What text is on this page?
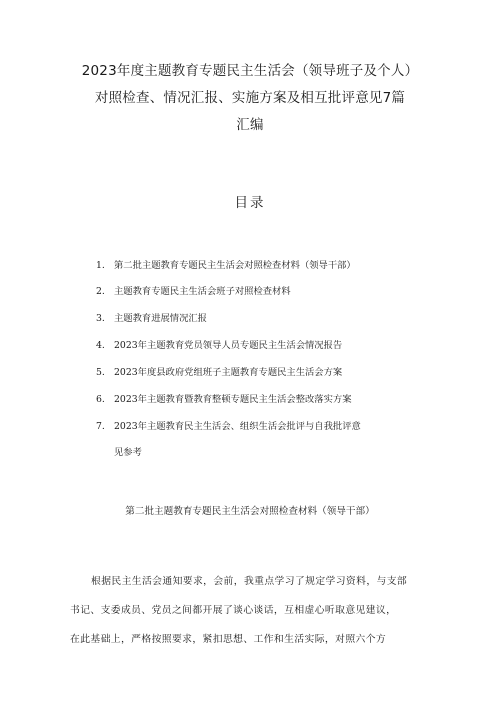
2023年度主题教育专题民主生活会（领导班子及个人）
对照检查、情况汇报、实施方案及相互批评意见7篇
汇编
目录
1. 第二批主题教育专题民主生活会对照检查材料（领导干部）
2. 主题教育专题民主生活会班子对照检查材料
3. 主题教育进展情况汇报
4. 2023年主题教育党员领导人员专题民主生活会情况报告
5. 2023年度县政府党组班子主题教育专题民主生活会方案
6. 2023年主题教育暨教育整顿专题民主生活会整改落实方案
7. 2023年主题教育民主生活会、组织生活会批评与自我批评意
见参考
第二批主题教育专题民主生活会对照检查材料（领导干部）
根据民主生活会通知要求，会前，我重点学习了规定学习资料，与支部
书记、支委成员、党员之间都开展了谈心谈话，互相虚心听取意见建议，
在此基础上，严格按照要求，紧扣思想、工作和生活实际，对照六个方
